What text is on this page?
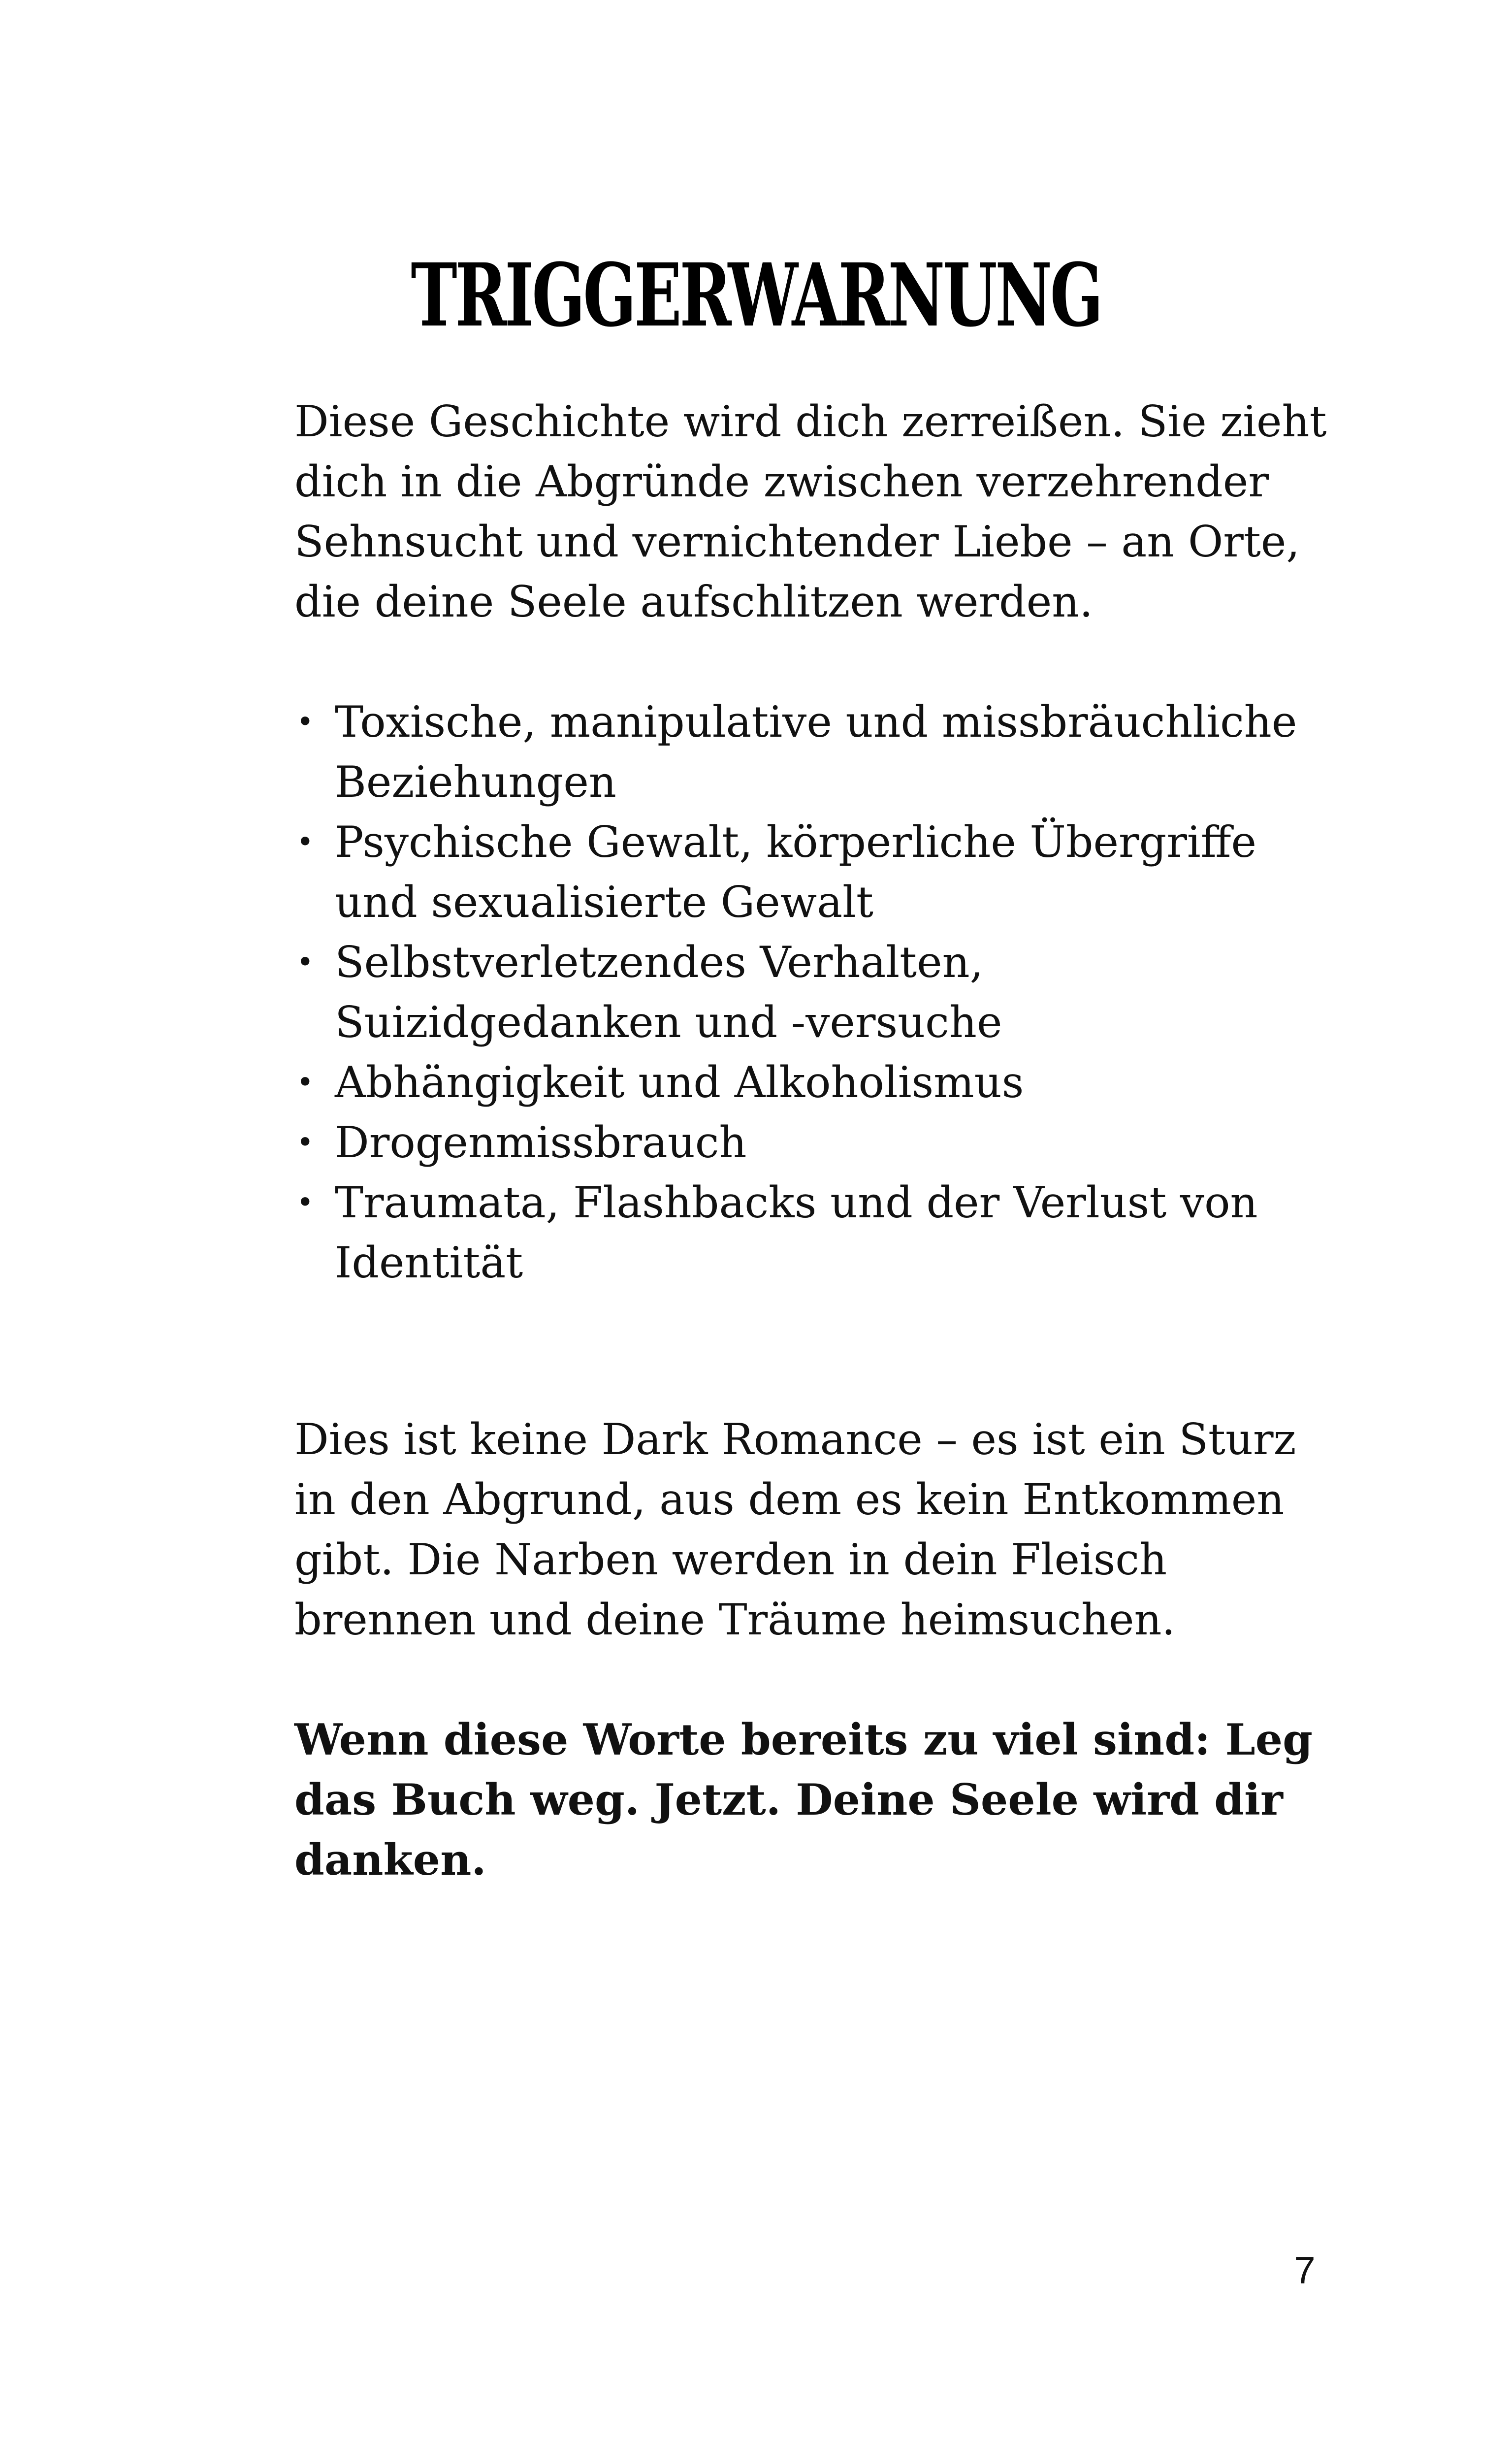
TRIGGERWARNUNG

Diese Geschichte wird dich zerreißen. Sie zieht dich in die Abgründe zwischen verzehrender Sehnsucht und vernichtender Liebe – an Orte, die deine Seele aufschlitzen werden.

• Toxische, manipulative und missbräuchliche Beziehungen
• Psychische Gewalt, körperliche Übergriffe und sexualisierte Gewalt
• Selbstverletzendes Verhalten, Suizidgedanken und -versuche
• Abhängigkeit und Alkoholismus
• Drogenmissbrauch
• Traumata, Flashbacks und der Verlust von Identität

Dies ist keine Dark Romance – es ist ein Sturz in den Abgrund, aus dem es kein Entkommen gibt. Die Narben werden in dein Fleisch brennen und deine Träume heimsuchen.

Wenn diese Worte bereits zu viel sind: Leg das Buch weg. Jetzt. Deine Seele wird dir danken.

7
